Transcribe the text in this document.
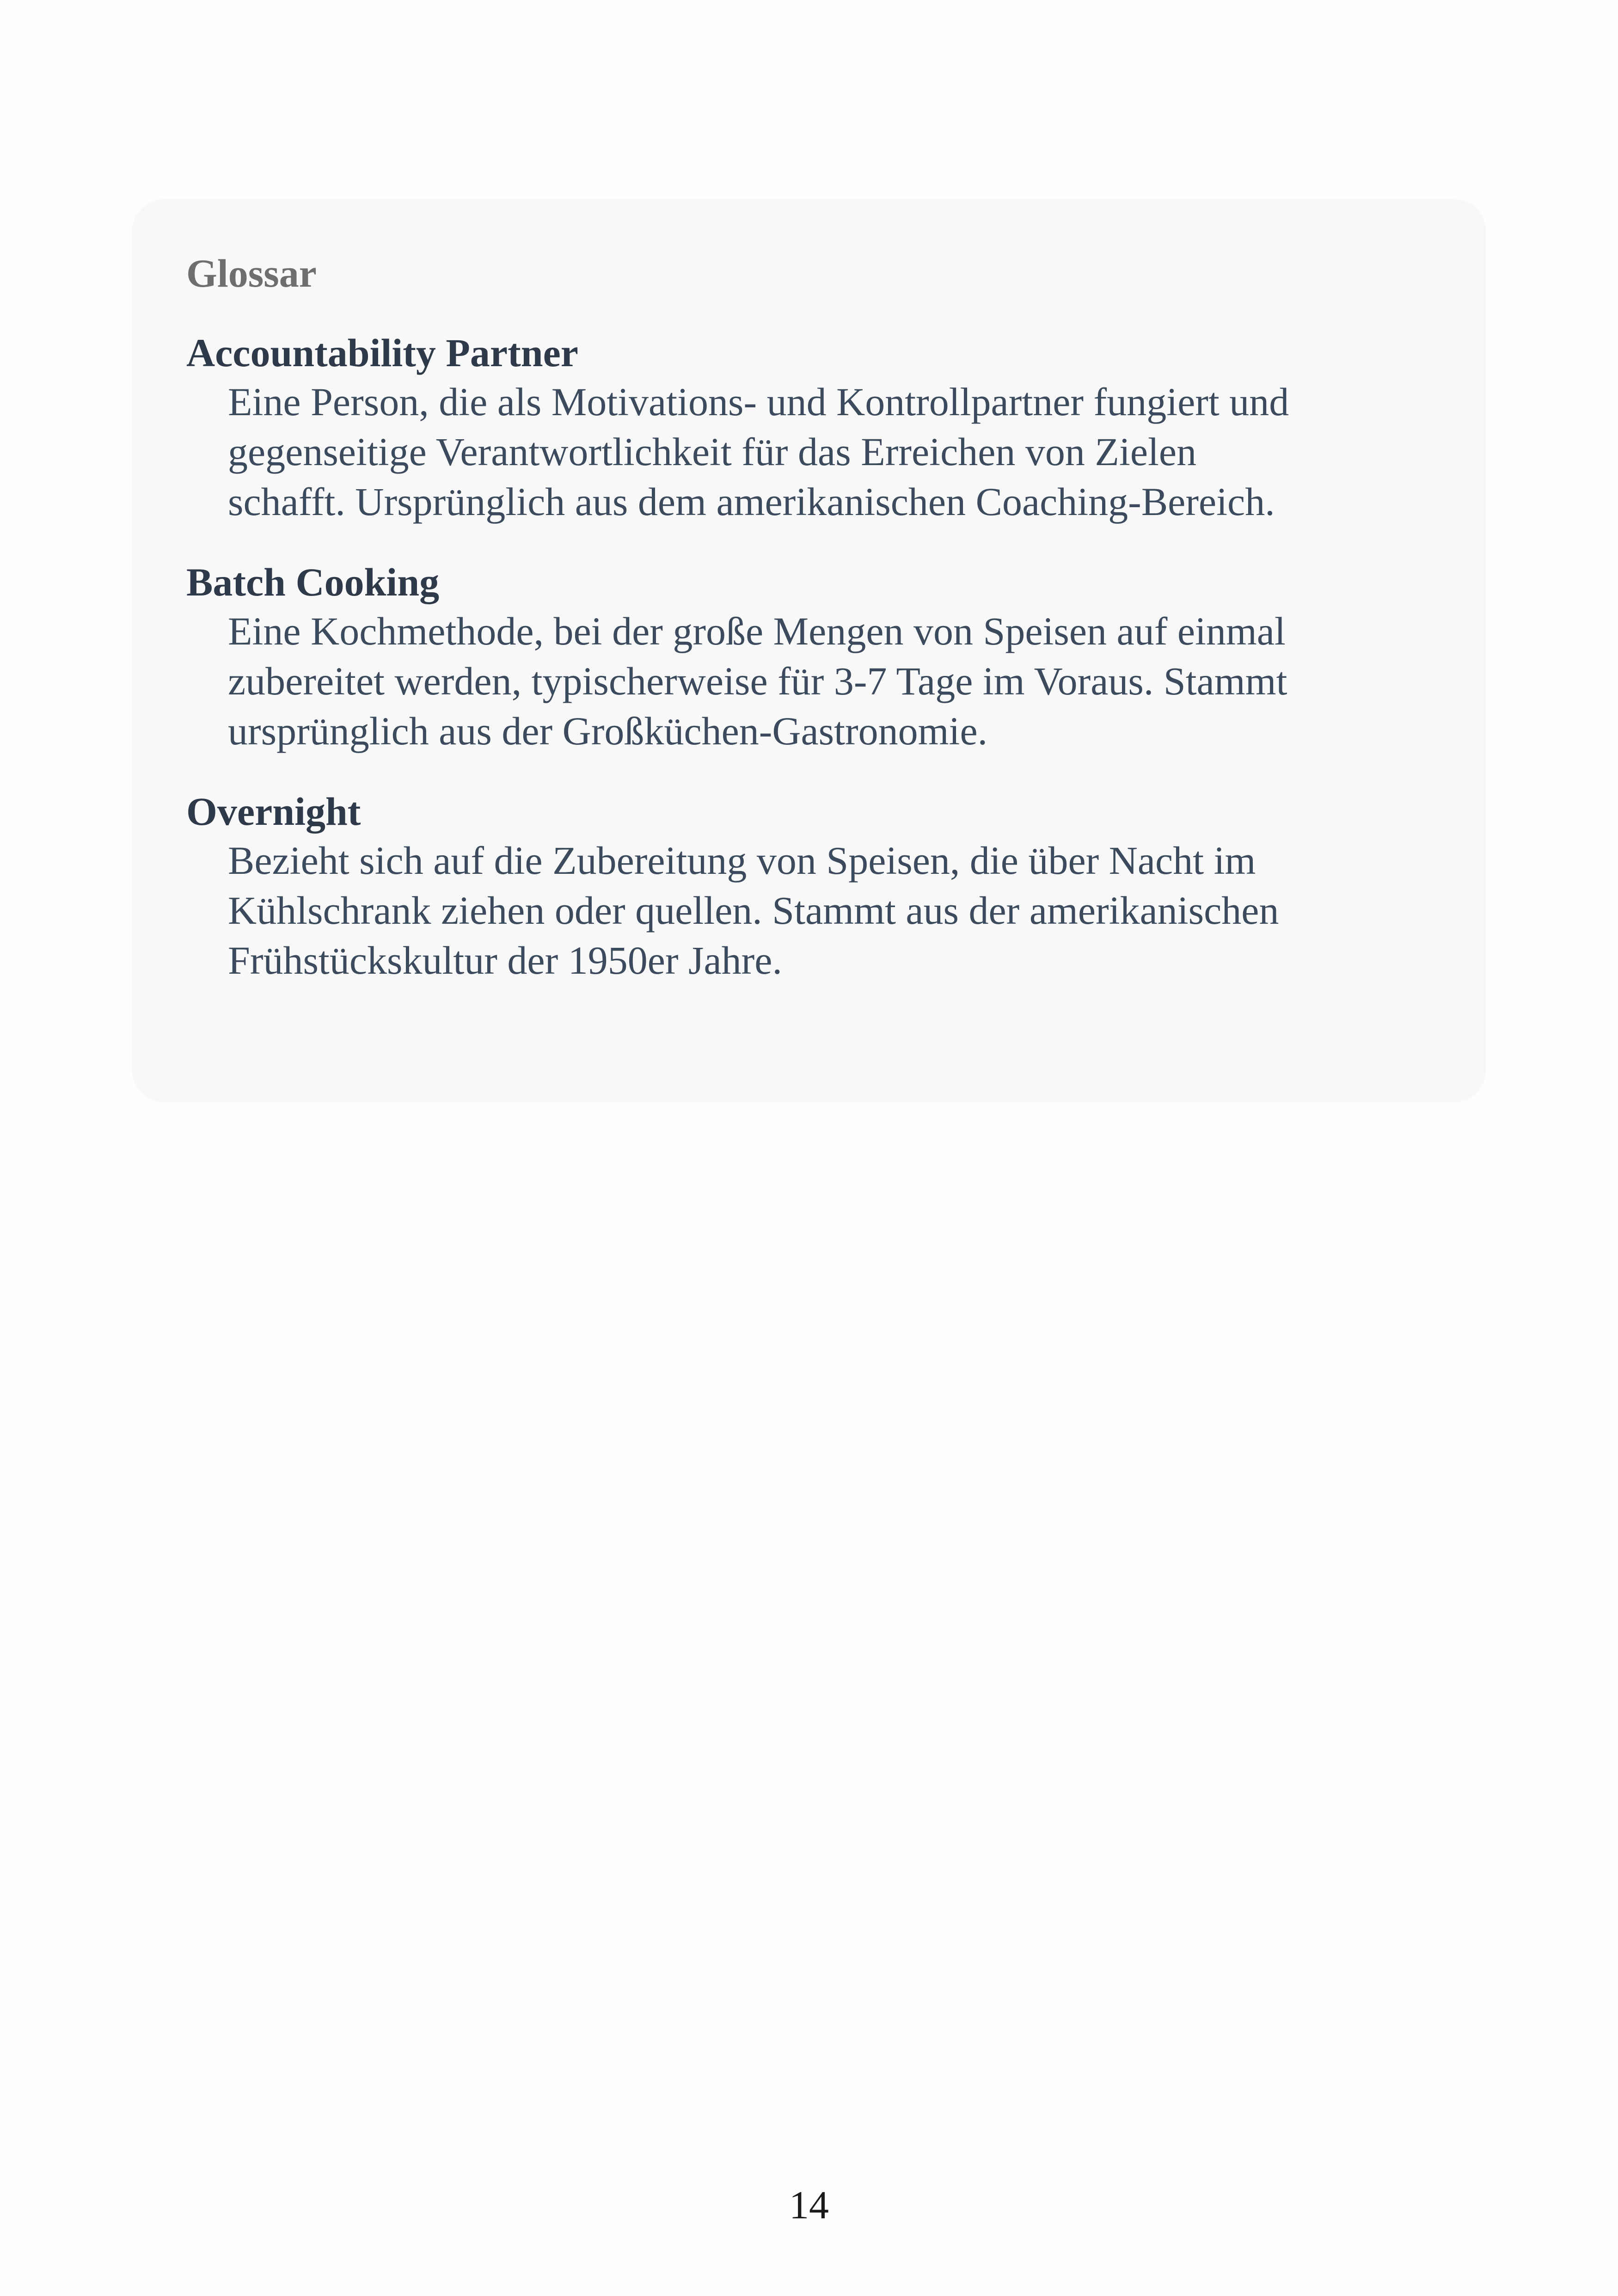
Glossar
Accountability Partner
Eine Person, die als Motivations- und Kontrollpartner fungiert und
gegenseitige Verantwortlichkeit für das Erreichen von Zielen
schafft. Ursprünglich aus dem amerikanischen Coaching-Bereich.
Batch Cooking
Eine Kochmethode, bei der große Mengen von Speisen auf einmal
zubereitet werden, typischerweise für 3-7 Tage im Voraus. Stammt
ursprünglich aus der Großküchen-Gastronomie.
Overnight
Bezieht sich auf die Zubereitung von Speisen, die über Nacht im
Kühlschrank ziehen oder quellen. Stammt aus der amerikanischen
Frühstückskultur der 1950er Jahre.
14
